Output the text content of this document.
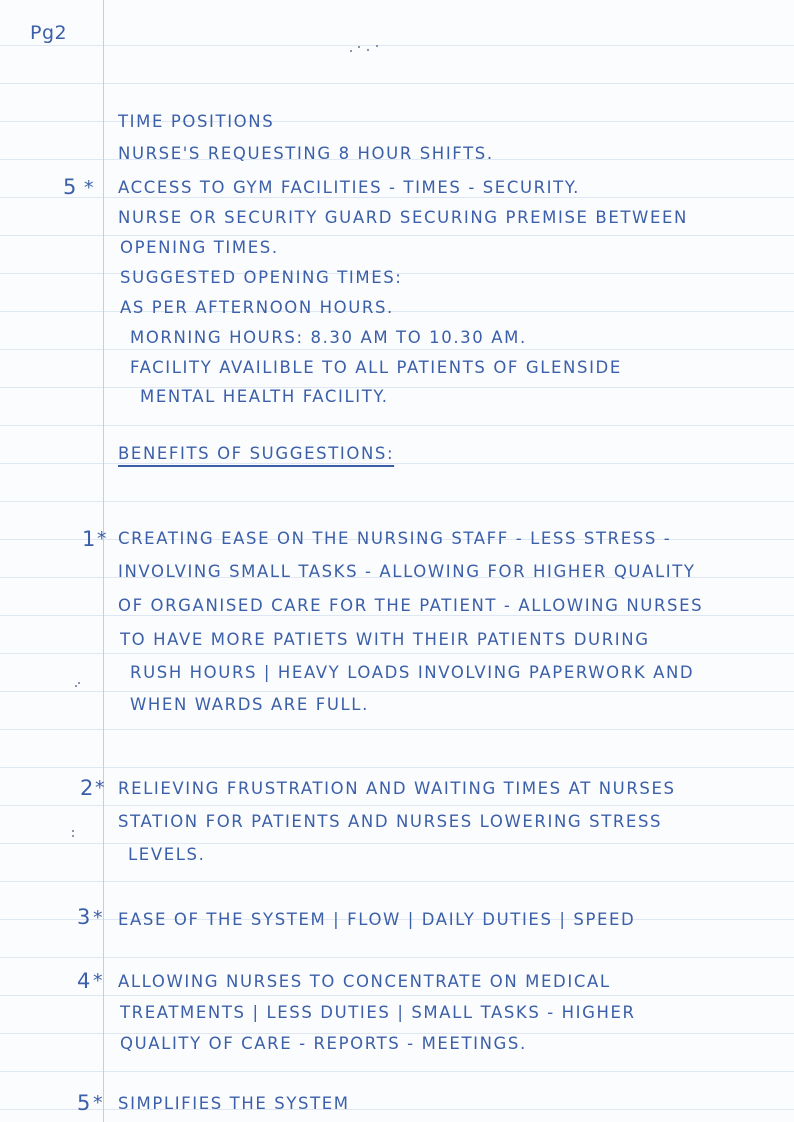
Pg2

TIME POSITIONS

NURSE'S REQUESTING 8 HOUR SHIFTS.

5 * ACCESS TO GYM FACILITIES - TIMES - SECURITY.

NURSE OR SECURITY GUARD SECURING PREMISE BETWEEN

OPENING TIMES.

SUGGESTED OPENING TIMES:

AS PER AFTERNOON HOURS.

MORNING HOURS: 8.30 AM TO 10.30 AM.

FACILITY AVAILIBLE TO ALL PATIENTS OF GLENSIDE

MENTAL HEALTH FACILITY.

BENEFITS OF SUGGESTIONS:

1 * CREATING EASE ON THE NURSING STAFF - LESS STRESS -

INVOLVING SMALL TASKS - ALLOWING FOR HIGHER QUALITY

OF ORGANISED CARE FOR THE PATIENT - ALLOWING NURSES

TO HAVE MORE PATIETS WITH THEIR PATIENTS DURING

RUSH HOURS | HEAVY LOADS INVOLVING PAPERWORK AND

WHEN WARDS ARE FULL.

2 * RELIEVING FRUSTRATION AND WAITING TIMES AT NURSES

STATION FOR PATIENTS AND NURSES LOWERING STRESS

LEVELS.

3 * EASE OF THE SYSTEM | FLOW | DAILY DUTIES | SPEED

4 * ALLOWING NURSES TO CONCENTRATE ON MEDICAL

TREATMENTS | LESS DUTIES | SMALL TASKS - HIGHER

QUALITY OF CARE - REPORTS - MEETINGS.

5 * SIMPLIFIES THE SYSTEM
